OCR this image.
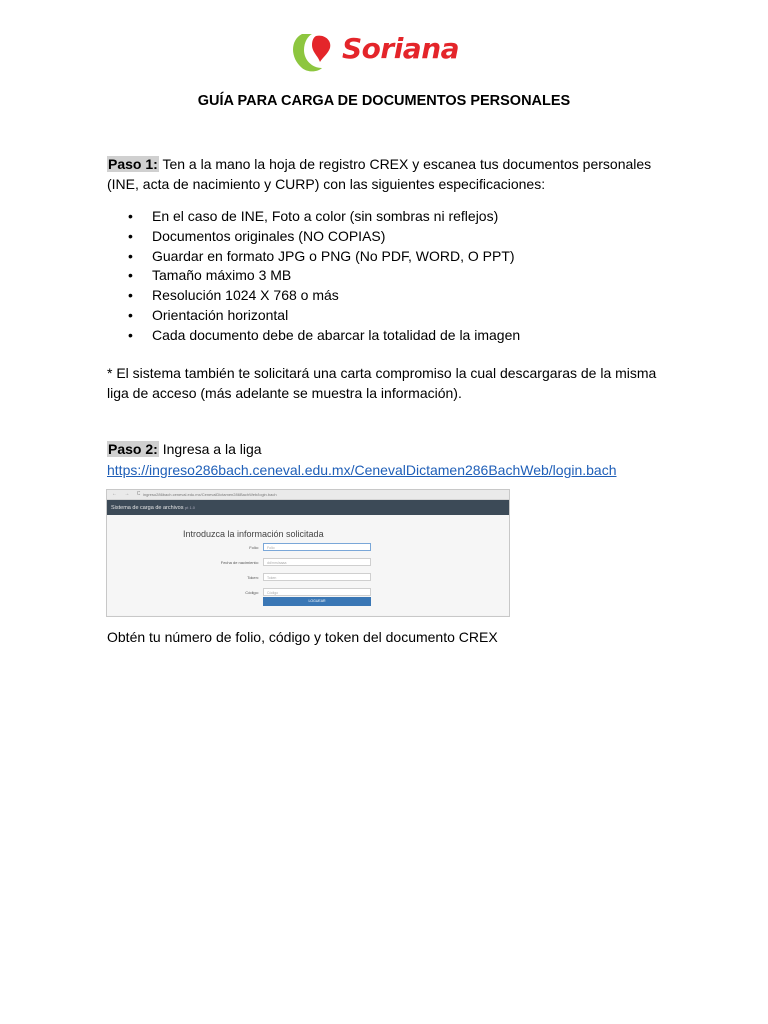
Soriana
GUÍA PARA CARGA DE DOCUMENTOS PERSONALES
Paso 1: Ten a la mano la hoja de registro CREX y escanea tus documentos personales (INE, acta de nacimiento y CURP) con las siguientes especificaciones:
• En el caso de INE, Foto a color (sin sombras ni reflejos)
• Documentos originales (NO COPIAS)
• Guardar en formato JPG o PNG (No PDF, WORD, O PPT)
• Tamaño máximo 3 MB
• Resolución 1024 X 768 o más
• Orientación horizontal
• Cada documento debe de abarcar la totalidad de la imagen
* El sistema también te solicitará una carta compromiso la cual descargaras de la misma liga de acceso (más adelante se muestra la información).
Paso 2: Ingresa a la liga
https://ingreso286bach.ceneval.edu.mx/CenevalDictamen286BachWeb/login.bach
← → C ingreso286bach.ceneval.edu.mx/CenevalDictamen286BachWeb/login.bach
Sistema de carga de archivos pt 1.0
Introduzca la información solicitada
Folio:	Folio
Fecha de nacimiento:	dd/mm/aaaa
Token:	Token
Código:	Código
LOGUEAR
Obtén tu número de folio, código y token del documento CREX
